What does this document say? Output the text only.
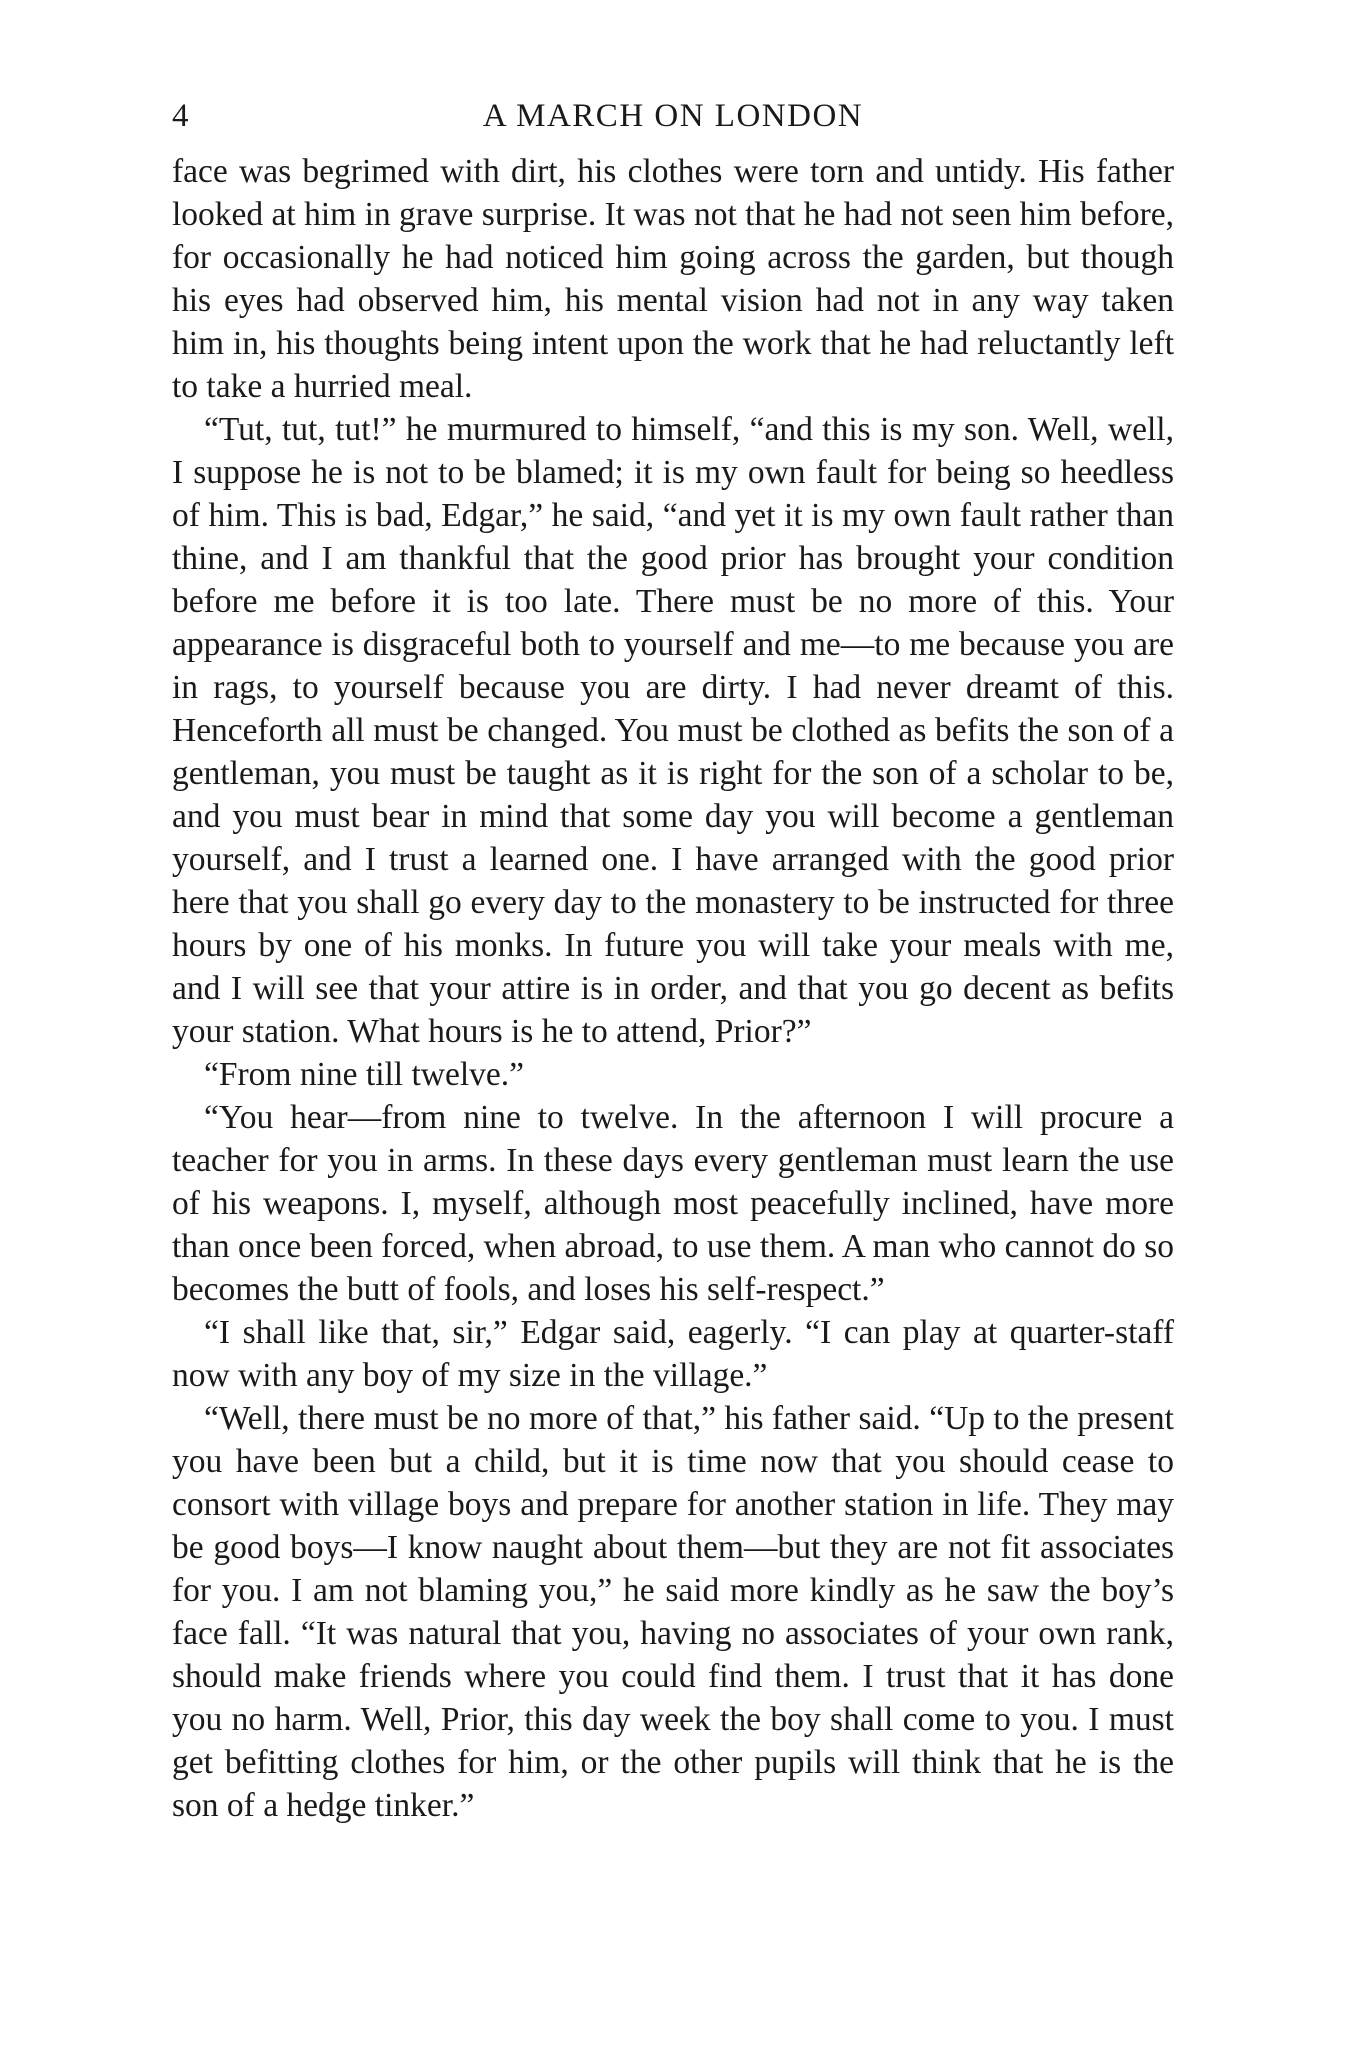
4	A MARCH ON LONDON

face was begrimed with dirt, his clothes were torn and untidy. His father looked at him in grave surprise. It was not that he had not seen him before, for occasionally he had noticed him going across the garden, but though his eyes had observed him, his mental vision had not in any way taken him in, his thoughts being intent upon the work that he had reluctantly left to take a hurried meal.

“Tut, tut, tut!” he murmured to himself, “and this is my son. Well, well, I suppose he is not to be blamed; it is my own fault for being so heedless of him. This is bad, Edgar,” he said, “and yet it is my own fault rather than thine, and I am thankful that the good prior has brought your condition before me before it is too late. There must be no more of this. Your appearance is disgraceful both to yourself and me—to me because you are in rags, to yourself because you are dirty. I had never dreamt of this. Henceforth all must be changed. You must be clothed as befits the son of a gentleman, you must be taught as it is right for the son of a scholar to be, and you must bear in mind that some day you will become a gentleman yourself, and I trust a learned one. I have arranged with the good prior here that you shall go every day to the monastery to be instructed for three hours by one of his monks. In future you will take your meals with me, and I will see that your attire is in order, and that you go decent as befits your station. What hours is he to attend, Prior?”

“From nine till twelve.”

“You hear—from nine to twelve. In the afternoon I will procure a teacher for you in arms. In these days every gentleman must learn the use of his weapons. I, myself, although most peacefully inclined, have more than once been forced, when abroad, to use them. A man who cannot do so becomes the butt of fools, and loses his self-respect.”

“I shall like that, sir,” Edgar said, eagerly. “I can play at quarter-staff now with any boy of my size in the village.”

“Well, there must be no more of that,” his father said. “Up to the present you have been but a child, but it is time now that you should cease to consort with village boys and prepare for another station in life. They may be good boys—I know naught about them—but they are not fit associates for you. I am not blaming you,” he said more kindly as he saw the boy’s face fall. “It was natural that you, having no associates of your own rank, should make friends where you could find them. I trust that it has done you no harm. Well, Prior, this day week the boy shall come to you. I must get befitting clothes for him, or the other pupils will think that he is the son of a hedge tinker.”
